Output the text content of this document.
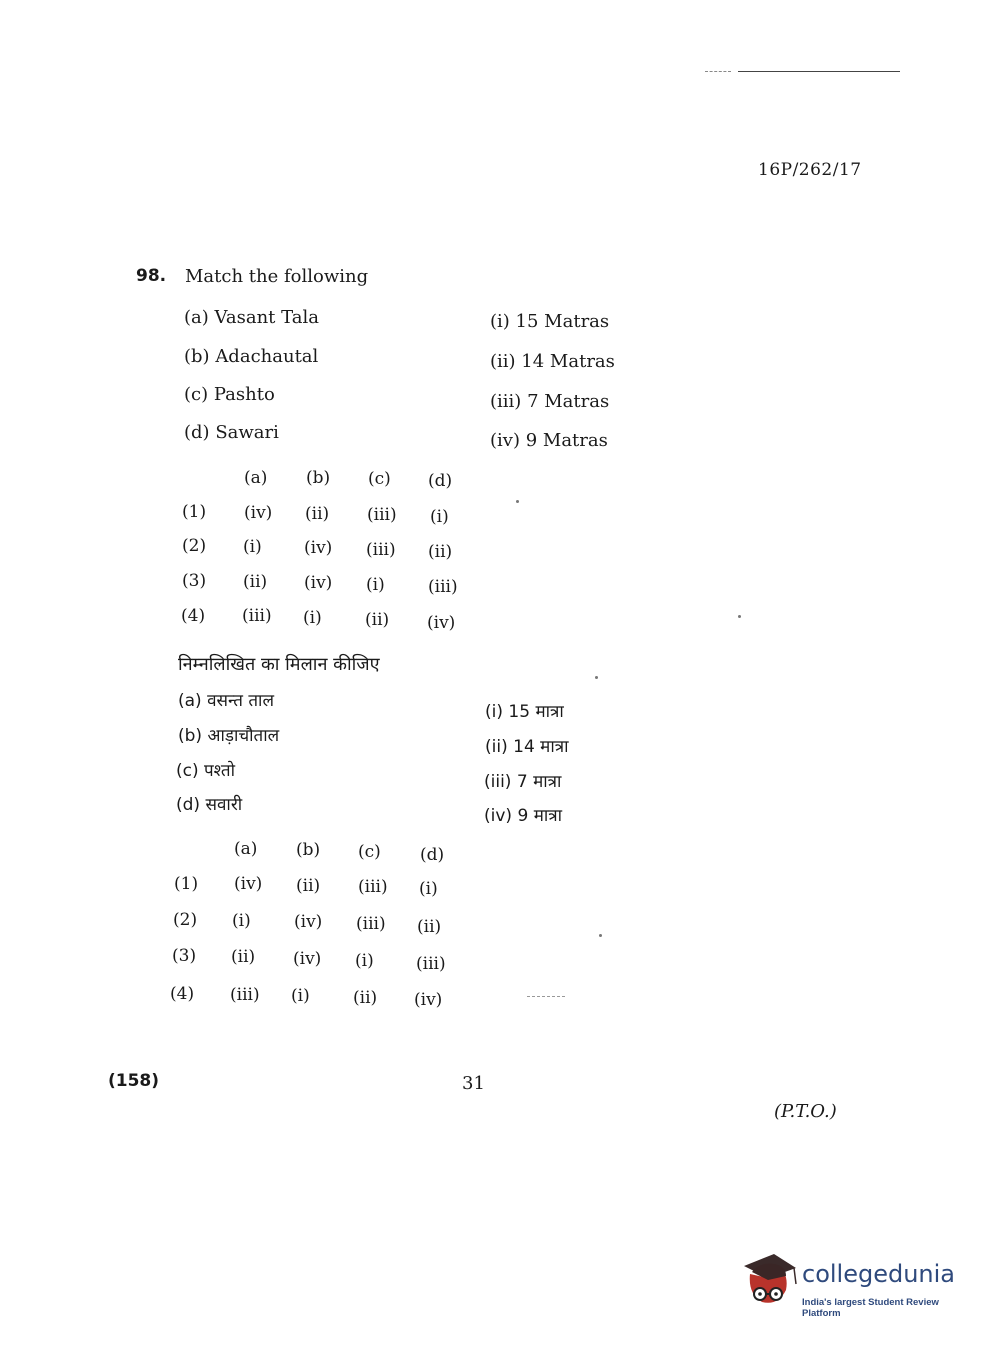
16P/262/17
98. Match the following
(a) Vasant Tala
(b) Adachautal
(c) Pashto
(d) Sawari
(i) 15 Matras
(ii) 14 Matras
(iii) 7 Matras
(iv) 9 Matras
(a) (b) (c) (d)
(1) (iv) (ii) (iii) (i)
(2) (i) (iv) (iii) (ii)
(3) (ii) (iv) (i)	(iii)
(4) (iii) (i)	(ii) (iv)
निम्नलिखित का मिलान कीजिए
(a) वसन्त ताल
(b) आड़ाचौताल
(c) पश्तो
(d) सवारी
(i) 15 मात्रा
(ii) 14 मात्रा
(iii) 7 मात्रा
(iv) 9 मात्रा
(a) (b) (c) (d)
(1) (iv) (ii) (iii) (i)
(2) (i)	(iv) (iii) (ii)
(3) (ii) (iv) (i) (iii)
(4) (iii) (i)	(ii) (iv)
(158)	31
(P.T.O.)
collegedunia
India's largest Student Review Platform
